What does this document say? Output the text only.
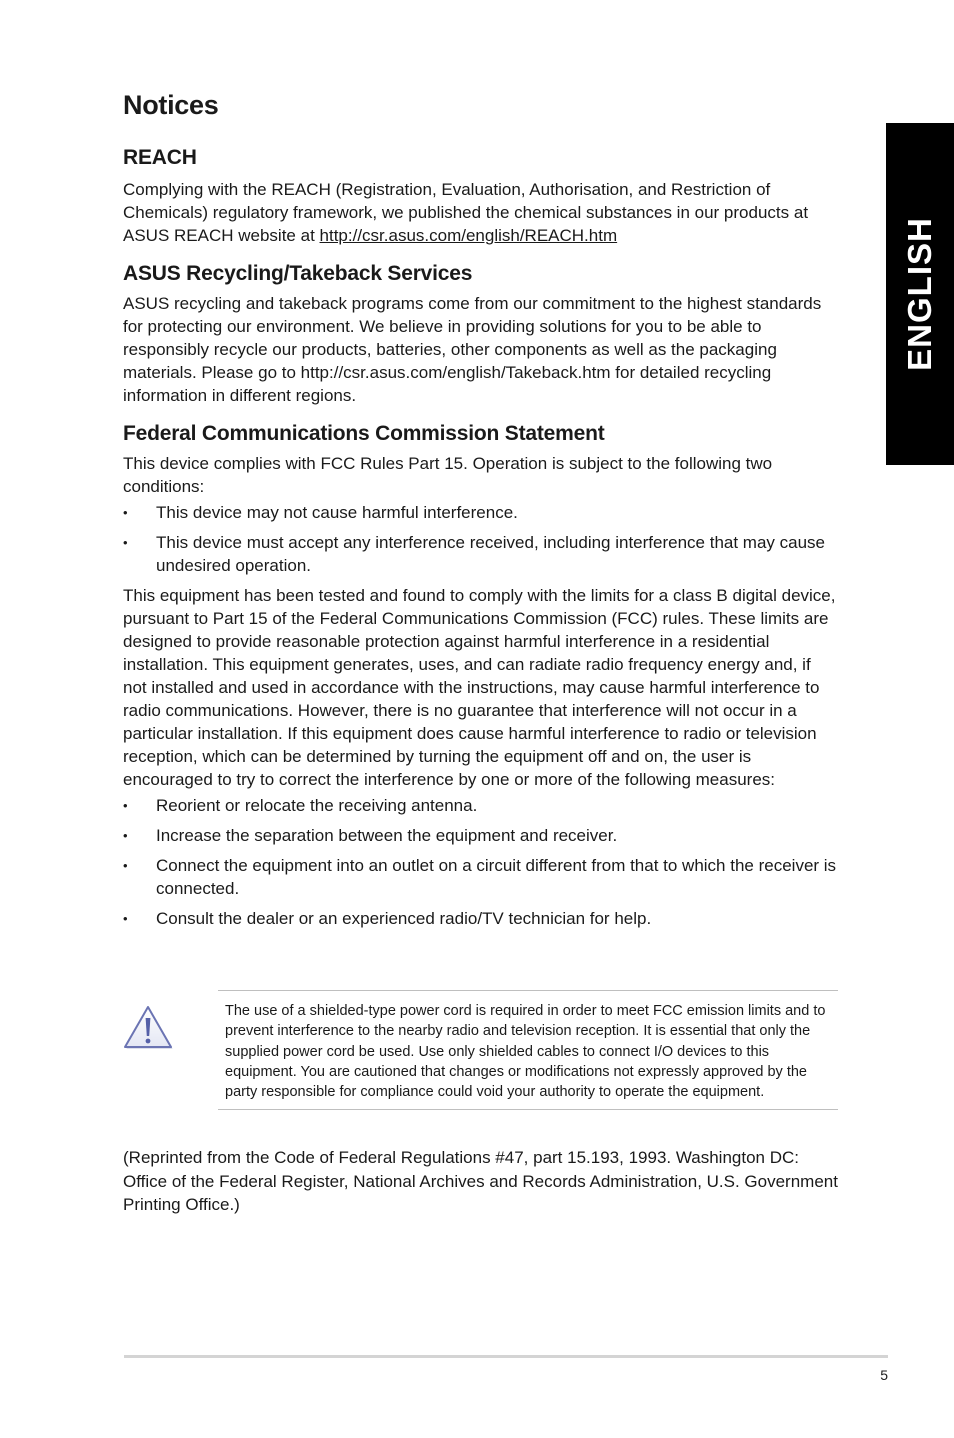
Notices
ENGLISH
REACH

Complying with the REACH (Registration, Evaluation, Authorisation, and Restriction of Chemicals) regulatory framework, we published the chemical substances in our products at ASUS REACH website at http://csr.asus.com/english/REACH.htm

ASUS Recycling/Takeback Services

ASUS recycling and takeback programs come from our commitment to the highest standards for protecting our environment. We believe in providing solutions for you to be able to responsibly recycle our products, batteries, other components as well as the packaging materials. Please go to http://csr.asus.com/english/Takeback.htm for detailed recycling information in different regions.

Federal Communications Commission Statement

This device complies with FCC Rules Part 15. Operation is subject to the following two conditions:

• This device may not cause harmful interference.
• This device must accept any interference received, including interference that may cause undesired operation.

This equipment has been tested and found to comply with the limits for a class B digital device, pursuant to Part 15 of the Federal Communications Commission (FCC) rules. These limits are designed to provide reasonable protection against harmful interference in a residential installation. This equipment generates, uses, and can radiate radio frequency energy and, if not installed and used in accordance with the instructions, may cause harmful interference to radio communications. However, there is no guarantee that interference will not occur in a particular installation. If this equipment does cause harmful interference to radio or television reception, which can be determined by turning the equipment off and on, the user is encouraged to try to correct the interference by one or more of the following measures:

• Reorient or relocate the receiving antenna.
• Increase the separation between the equipment and receiver.
• Connect the equipment into an outlet on a circuit different from that to which the receiver is connected.
• Consult the dealer or an experienced radio/TV technician for help.
The use of a shielded-type power cord is required in order to meet FCC emission limits and to prevent interference to the nearby radio and television reception. It is essential that only the supplied power cord be used. Use only shielded cables to connect I/O devices to this equipment. You are cautioned that changes or modifications not expressly approved by the party responsible for compliance could void your authority to operate the equipment.

(Reprinted from the Code of Federal Regulations #47, part 15.193, 1993. Washington DC: Office of the Federal Register, National Archives and Records Administration, U.S. Government Printing Office.)

5
